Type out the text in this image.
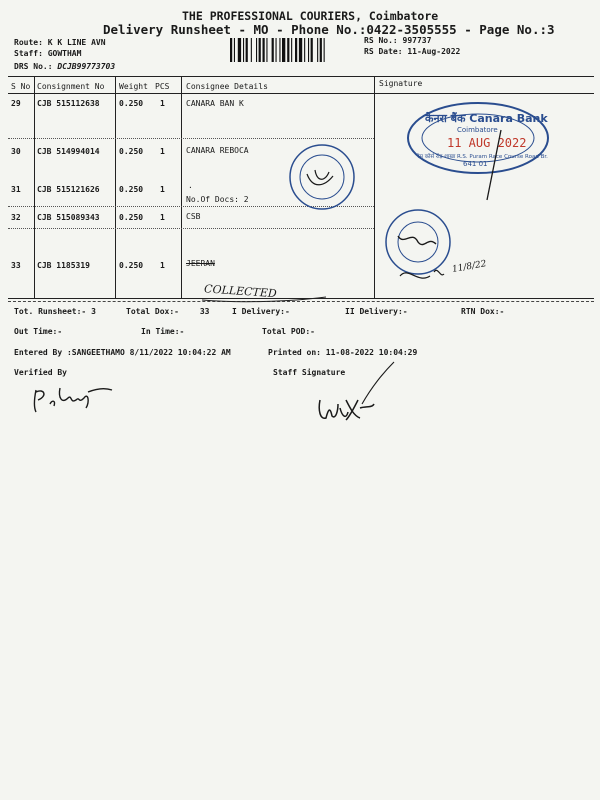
THE PROFESSIONAL COURIERS, Coimbatore
Delivery Runsheet - MO - Phone No.:0422-3505555 - Page No.:3
Route: K K LINE AVN
Staff: GOWTHAM
DRS No.: DCJB99773703
RS No.: 997737
RS Date: 11-Aug-2022
S No Consignment No Weight PCS Consignee Details	Signature
29 CJB 515112638 0.250 1	CANARA BAN K
30 CJB 514994014 0.250 1	CANARA REBOCA
31 CJB 515121626 0.250 1	.
No.Of Docs: 2
32 CJB 515089343 0.250 1	CSB
33 CJB 1185319	0.250 1	JEERAN
COLLECTED
Tot. Runsheet:- 3	Total Dox:-	33	I Delivery:-	II Delivery:-	RTN Dox:-
Out Time:-	In Time:-	Total POD:-
Entered By :SANGEETHAMO 8/11/2022 10:04:22 AM	Printed on: 11-08-2022 10:04:29
Verified By	Staff Signature
केनरा बैंक Canara Bank
Coimbatore
11 AUG 2022
641 01
रेस कोर्स रोड़ शाखा R.S. Puram Race Course Road Br.
11/8/22
